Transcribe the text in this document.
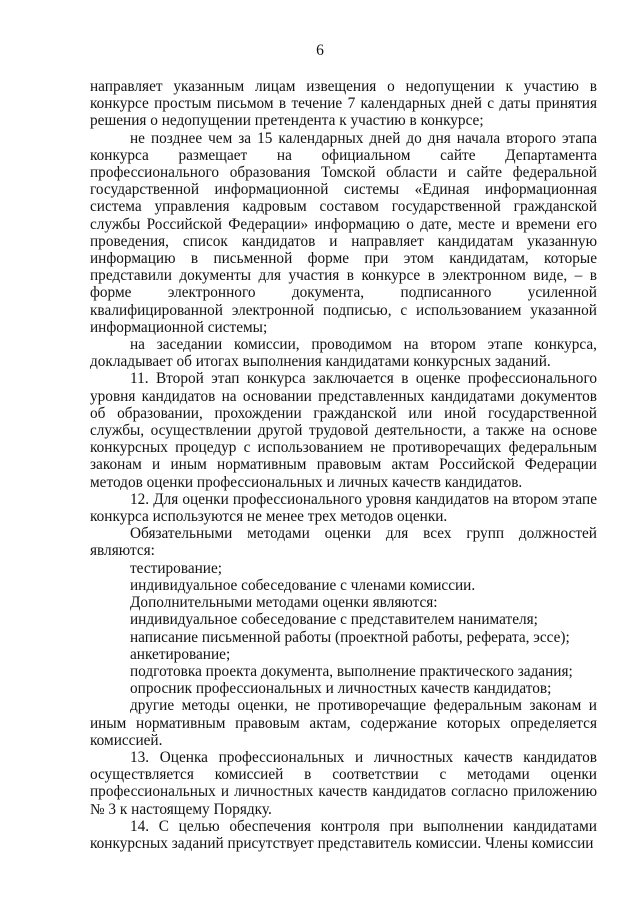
6

направляет указанным лицам извещения о недопущении к участию в конкурсе простым письмом в течение 7 календарных дней с даты принятия решения о недопущении претендента к участию в конкурсе;

не позднее чем за 15 календарных дней до дня начала второго этапа конкурса размещает на официальном сайте Департамента профессионального образования Томской области и сайте федеральной государственной информационной системы «Единая информационная система управления кадровым составом государственной гражданской службы Российской Федерации» информацию о дате, месте и времени его проведения, список кандидатов и направляет кандидатам указанную информацию в письменной форме при этом кандидатам, которые представили документы для участия в конкурсе в электронном виде, – в форме электронного документа, подписанного усиленной квалифицированной электронной подписью, с использованием указанной информационной системы;

на заседании комиссии, проводимом на втором этапе конкурса, докладывает об итогах выполнения кандидатами конкурсных заданий.

11. Второй этап конкурса заключается в оценке профессионального уровня кандидатов на основании представленных кандидатами документов об образовании, прохождении гражданской или иной государственной службы, осуществлении другой трудовой деятельности, а также на основе конкурсных процедур с использованием не противоречащих федеральным законам и иным нормативным правовым актам Российской Федерации методов оценки профессиональных и личных качеств кандидатов.

12. Для оценки профессионального уровня кандидатов на втором этапе конкурса используются не менее трех методов оценки.

Обязательными методами оценки для всех групп должностей являются:

тестирование;

индивидуальное собеседование с членами комиссии.

Дополнительными методами оценки являются:

индивидуальное собеседование с представителем нанимателя;

написание письменной работы (проектной работы, реферата, эссе);

анкетирование;

подготовка проекта документа, выполнение практического задания;

опросник профессиональных и личностных качеств кандидатов;

другие методы оценки, не противоречащие федеральным законам и иным нормативным правовым актам, содержание которых определяется комиссией.

13. Оценка профессиональных и личностных качеств кандидатов осуществляется комиссией в соответствии с методами оценки профессиональных и личностных качеств кандидатов согласно приложению № 3 к настоящему Порядку.

14. С целью обеспечения контроля при выполнении кандидатами конкурсных заданий присутствует представитель комиссии. Члены комиссии
